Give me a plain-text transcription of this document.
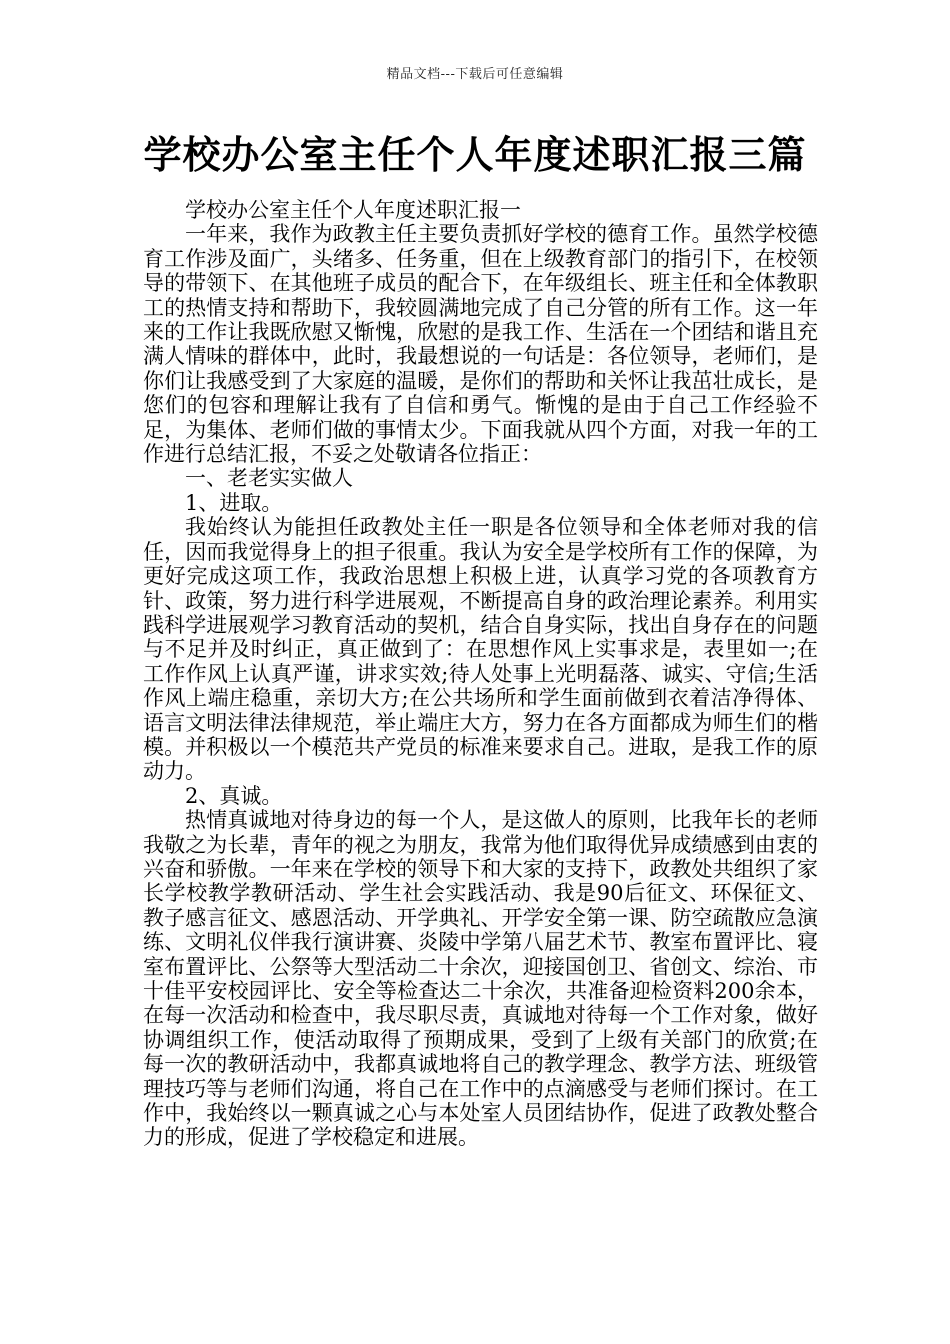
精品文档---下载后可任意编辑
学校办公室主任个人年度述职汇报三篇

学校办公室主任个人年度述职汇报一

一年来，我作为政教主任主要负责抓好学校的德育工作。虽然学校德育工作涉及面广，头绪多、任务重，但在上级教育部门的指引下，在校领导的带领下、在其他班子成员的配合下，在年级组长、班主任和全体教职工的热情支持和帮助下，我较圆满地完成了自己分管的所有工作。这一年来的工作让我既欣慰又惭愧，欣慰的是我工作、生活在一个团结和谐且充满人情味的群体中，此时，我最想说的一句话是：各位领导，老师们，是你们让我感受到了大家庭的温暖，是你们的帮助和关怀让我茁壮成长，是您们的包容和理解让我有了自信和勇气。惭愧的是由于自己工作经验不足，为集体、老师们做的事情太少。下面我就从四个方面，对我一年的工作进行总结汇报，不妥之处敬请各位指正：

一、老老实实做人

1、进取。

我始终认为能担任政教处主任一职是各位领导和全体老师对我的信任，因而我觉得身上的担子很重。我认为安全是学校所有工作的保障，为更好完成这项工作，我政治思想上积极上进，认真学习党的各项教育方针、政策，努力进行科学进展观，不断提高自身的政治理论素养。利用实践科学进展观学习教育活动的契机，结合自身实际，找出自身存在的问题与不足并及时纠正，真正做到了：在思想作风上实事求是，表里如一;在工作作风上认真严谨，讲求实效;待人处事上光明磊落、诚实、守信;生活作风上端庄稳重，亲切大方;在公共场所和学生面前做到衣着洁净得体、语言文明法律法律规范，举止端庄大方，努力在各方面都成为师生们的楷模。并积极以一个模范共产党员的标准来要求自己。进取，是我工作的原动力。

2、真诚。

热情真诚地对待身边的每一个人，是这做人的原则，比我年长的老师我敬之为长辈，青年的视之为朋友，我常为他们取得优异成绩感到由衷的兴奋和骄傲。一年来在学校的领导下和大家的支持下，政教处共组织了家长学校教学教研活动、学生社会实践活动、我是90后征文、环保征文、教子感言征文、感恩活动、开学典礼、开学安全第一课、防空疏散应急演练、文明礼仪伴我行演讲赛、炎陵中学第八届艺术节、教室布置评比、寝室布置评比、公祭等大型活动二十余次，迎接国创卫、省创文、综治、市十佳平安校园评比、安全等检查达二十余次，共准备迎检资料200余本，在每一次活动和检查中，我尽职尽责，真诚地对待每一个工作对象，做好协调组织工作，使活动取得了预期成果，受到了上级有关部门的欣赏;在每一次的教研活动中，我都真诚地将自己的教学理念、教学方法、班级管理技巧等与老师们沟通，将自己在工作中的点滴感受与老师们探讨。在工作中，我始终以一颗真诚之心与本处室人员团结协作，促进了政教处整合力的形成，促进了学校稳定和进展。
